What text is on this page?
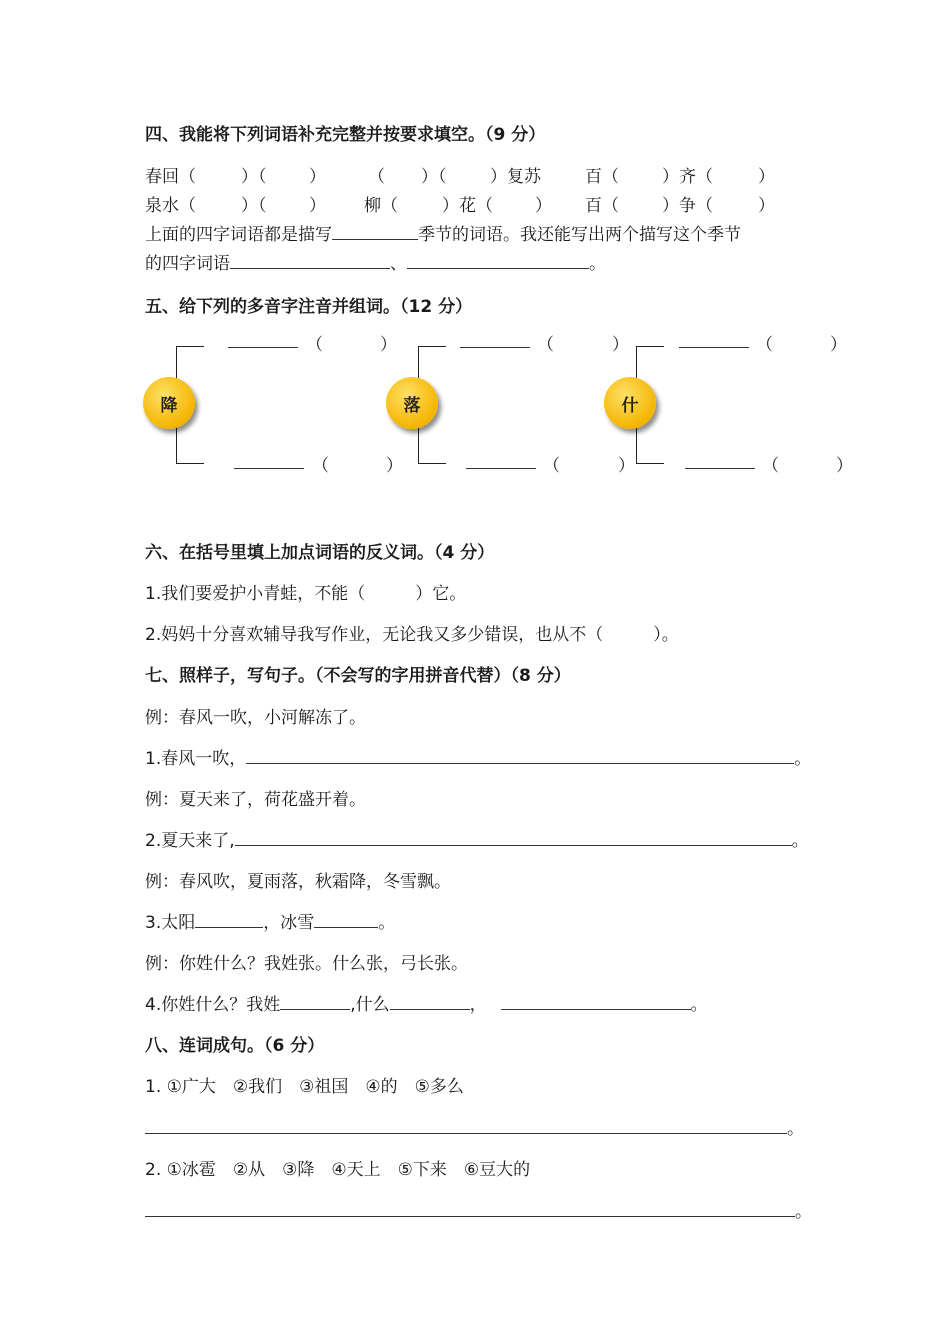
四、我能将下列词语补充完整并按要求填空。（9 分）
春回（	）（	） （ ）（	）复苏	百（	）齐（	）
泉水（	）（	） 柳（	）花（ ） 百（	）争（	）
上面的四字词语都是描写	季节的词语。我还能写出两个描写这个季节
的四字词语	、	。
五、给下列的多音字注音并组词。（12 分）
降
（	）
（	）
落
（	）
（	）
什
（	）
（	）
六、在括号里填上加点词语的反义词。（4 分）
1.我们要爱护小青蛙，不能（	）它。
2.妈妈十分喜欢辅导我写作业，无论我又多少错误，也从不（	）。
七、照样子，写句子。（不会写的字用拼音代替）（8 分）
例：春风一吹，小河解冻了。
1.春风一吹，	。
例：夏天来了，荷花盛开着。
2.夏天来了,	。
例：春风吹，夏雨落，秋霜降，冬雪飘。
3.太阳	，冰雪	。
例：你姓什么？我姓张。什么张，弓长张。
4.你姓什么？我姓	,什么	，	。
八、连词成句。（6 分）
1. ①广大　②我们　③祖国　④的　⑤多么
。
2. ①冰雹　②从　③降　④天上　⑤下来　⑥豆大的
。
